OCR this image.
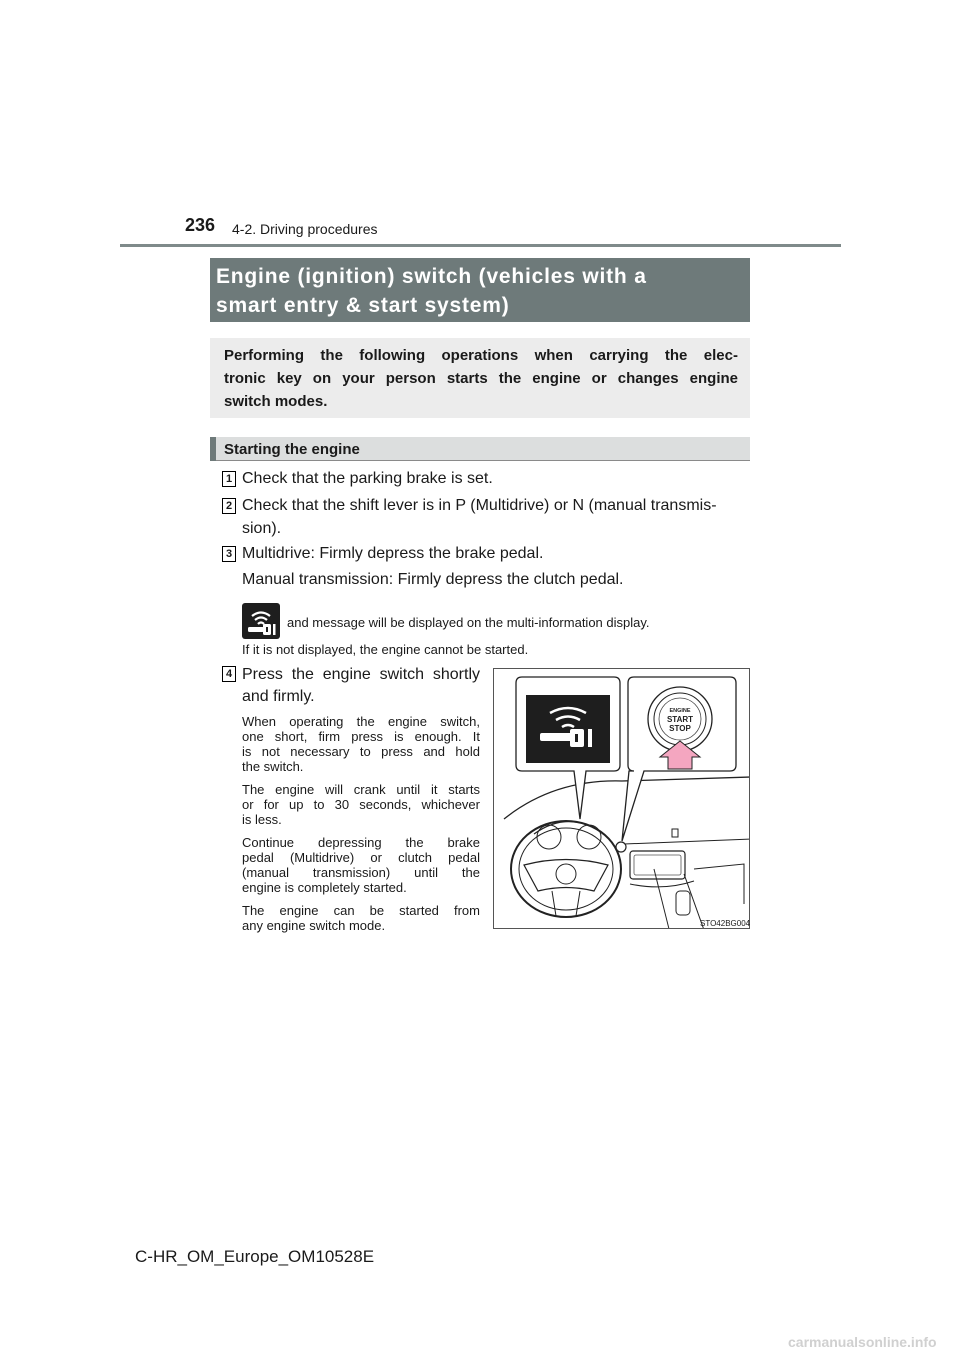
236 4-2. Driving procedures
Engine (ignition) switch (vehicles with a
smart entry & start system)
Performing the following operations when carrying the elec-
tronic key on your person starts the engine or changes engine
switch modes.
Starting the engine
1 Check that the parking brake is set.
2 Check that the shift lever is in P (Multidrive) or N (manual transmis-
sion).
3 Multidrive: Firmly depress the brake pedal.
Manual transmission: Firmly depress the clutch pedal.
and message will be displayed on the multi-information display.
If it is not displayed, the engine cannot be started.
4 Press the engine switch shortly
and firmly.
When operating the engine switch,
one short, firm press is enough. It
is not necessary to press and hold
the switch.
The engine will crank until it starts
or for up to 30 seconds, whichever
is less.
Continue depressing the brake
pedal (Multidrive) or clutch pedal
(manual transmission) until the
engine is completely started.
The engine can be started from
any engine switch mode.
ENGINE
START
STOP
STO42BG004
C-HR_OM_Europe_OM10528E
carmanualsonline.info
